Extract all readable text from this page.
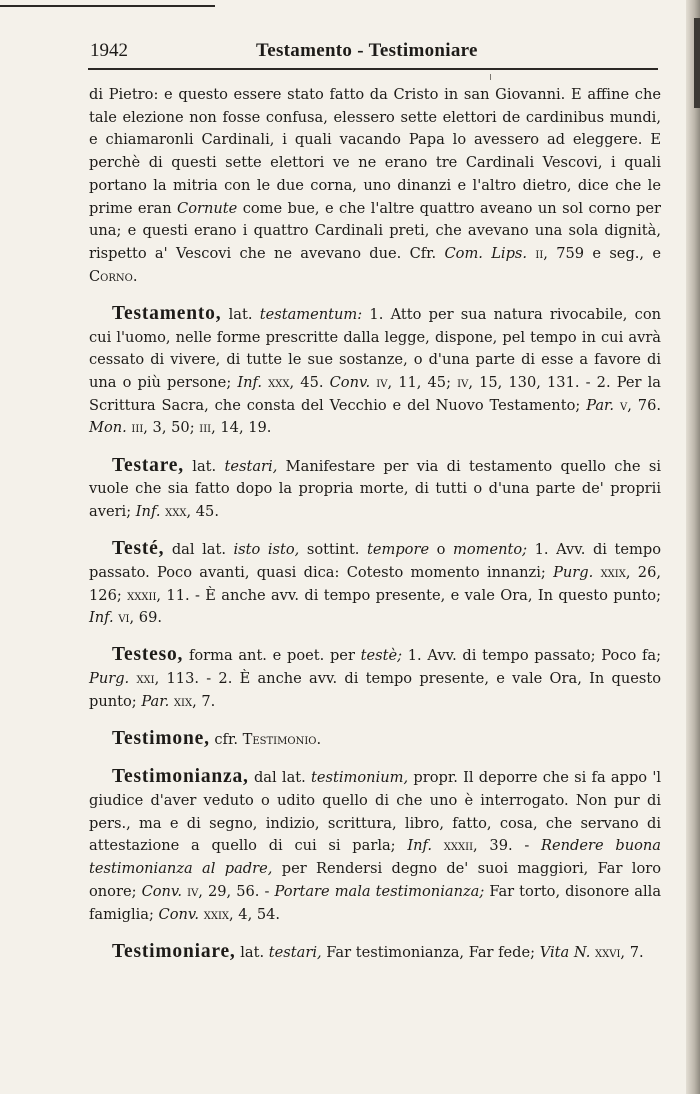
1942	Testamento - Testimoniare

di Pietro: e questo essere stato fatto da Cristo in san Giovanni. E affine che tale elezione non fosse confusa, elessero sette elettori de cardinibus mundi, e chiamaronli Cardinali, i quali vacando Papa lo avessero ad eleggere. E perchè di questi sette elettori ve ne erano tre Cardinali Vescovi, i quali portano la mitria con le due corna, uno dinanzi e l'altro dietro, dice che le prime eran Cornute come bue, e che l'altre quattro aveano un sol corno per una; e questi erano i quattro Cardinali preti, che avevano una sola dignità, rispetto a' Vescovi che ne avevano due. Cfr. Com. Lips. ii, 759 e seg., e Corno.

Testamento, lat. testamentum: 1. Atto per sua natura rivocabile, con cui l'uomo, nelle forme prescritte dalla legge, dispone, pel tempo in cui avrà cessato di vivere, di tutte le sue sostanze, o d'una parte di esse a favore di una o più persone; Inf. xxx, 45. Conv. iv, 11, 45; iv, 15, 130, 131. - 2. Per la Scrittura Sacra, che consta del Vecchio e del Nuovo Testamento; Par. v, 76. Mon. iii, 3, 50; iii, 14, 19.

Testare, lat. testari, Manifestare per via di testamento quello che si vuole che sia fatto dopo la propria morte, di tutti o d'una parte de' proprii averi; Inf. xxx, 45.

Testé, dal lat. isto isto, sottint. tempore o momento; 1. Avv. di tempo passato. Poco avanti, quasi dica: Cotesto momento innanzi; Purg. xxix, 26, 126; xxxii, 11. - È anche avv. di tempo presente, e vale Ora, In questo punto; Inf. vi, 69.

Testeso, forma ant. e poet. per testè; 1. Avv. di tempo passato; Poco fa; Purg. xxi, 113. - 2. È anche avv. di tempo presente, e vale Ora, In questo punto; Par. xix, 7.

Testimone, cfr. Testimonio.

Testimonianza, dal lat. testimonium, propr. Il deporre che si fa appo 'l giudice d'aver veduto o udito quello di che uno è interrogato. Non pur di pers., ma e di segno, indizio, scrittura, libro, fatto, cosa, che servano di attestazione a quello di cui si parla; Inf. xxxii, 39. - Rendere buona testimonianza al padre, per Rendersi degno de' suoi maggiori, Far loro onore; Conv. iv, 29, 56. - Portare mala testimonianza; Far torto, disonore alla famiglia; Conv. xxix, 4, 54.

Testimoniare, lat. testari, Far testimonianza, Far fede; Vita N. xxvi, 7.
